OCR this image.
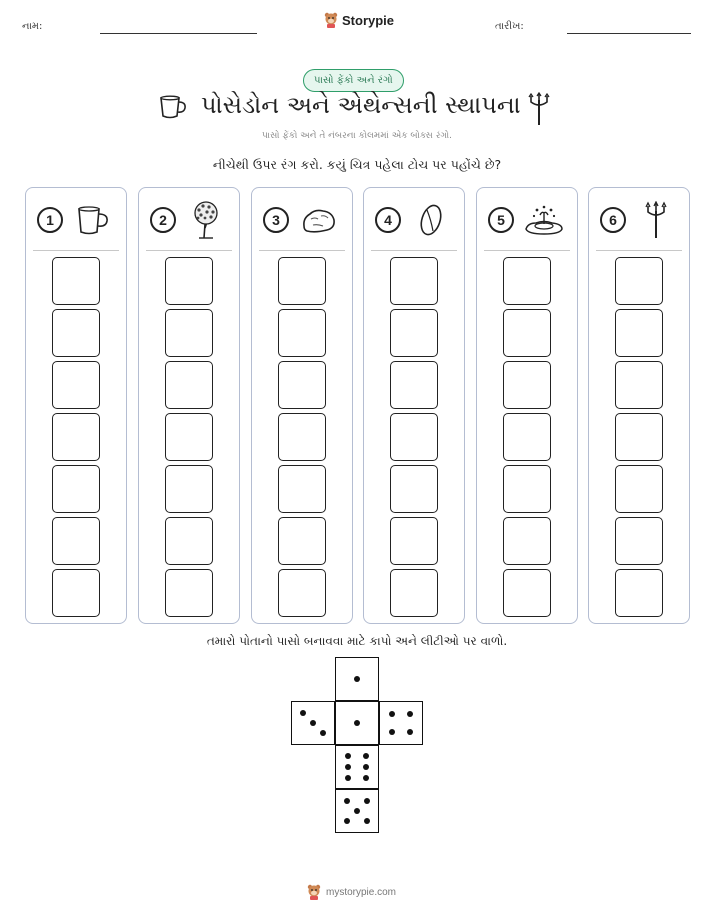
નામ:	Storypie	તારીખ:
પાસો ફેંકો અને રંગો
પોસેડોન અને એથેન્સની સ્થાપના
પાસો ફેંકો અને તે નંબરના કોલમમાં એક બોક્સ રંગો.
નીચેથી ઉપર રંગ કરો. કયું ચિત્ર પહેલા ટોચ પર પહોંચે છે?
1	2	3	4	5	6
તમારો પોતાનો પાસો બનાવવા માટે કાપો અને લીટીઓ પર વાળો.
mystorypie.com
